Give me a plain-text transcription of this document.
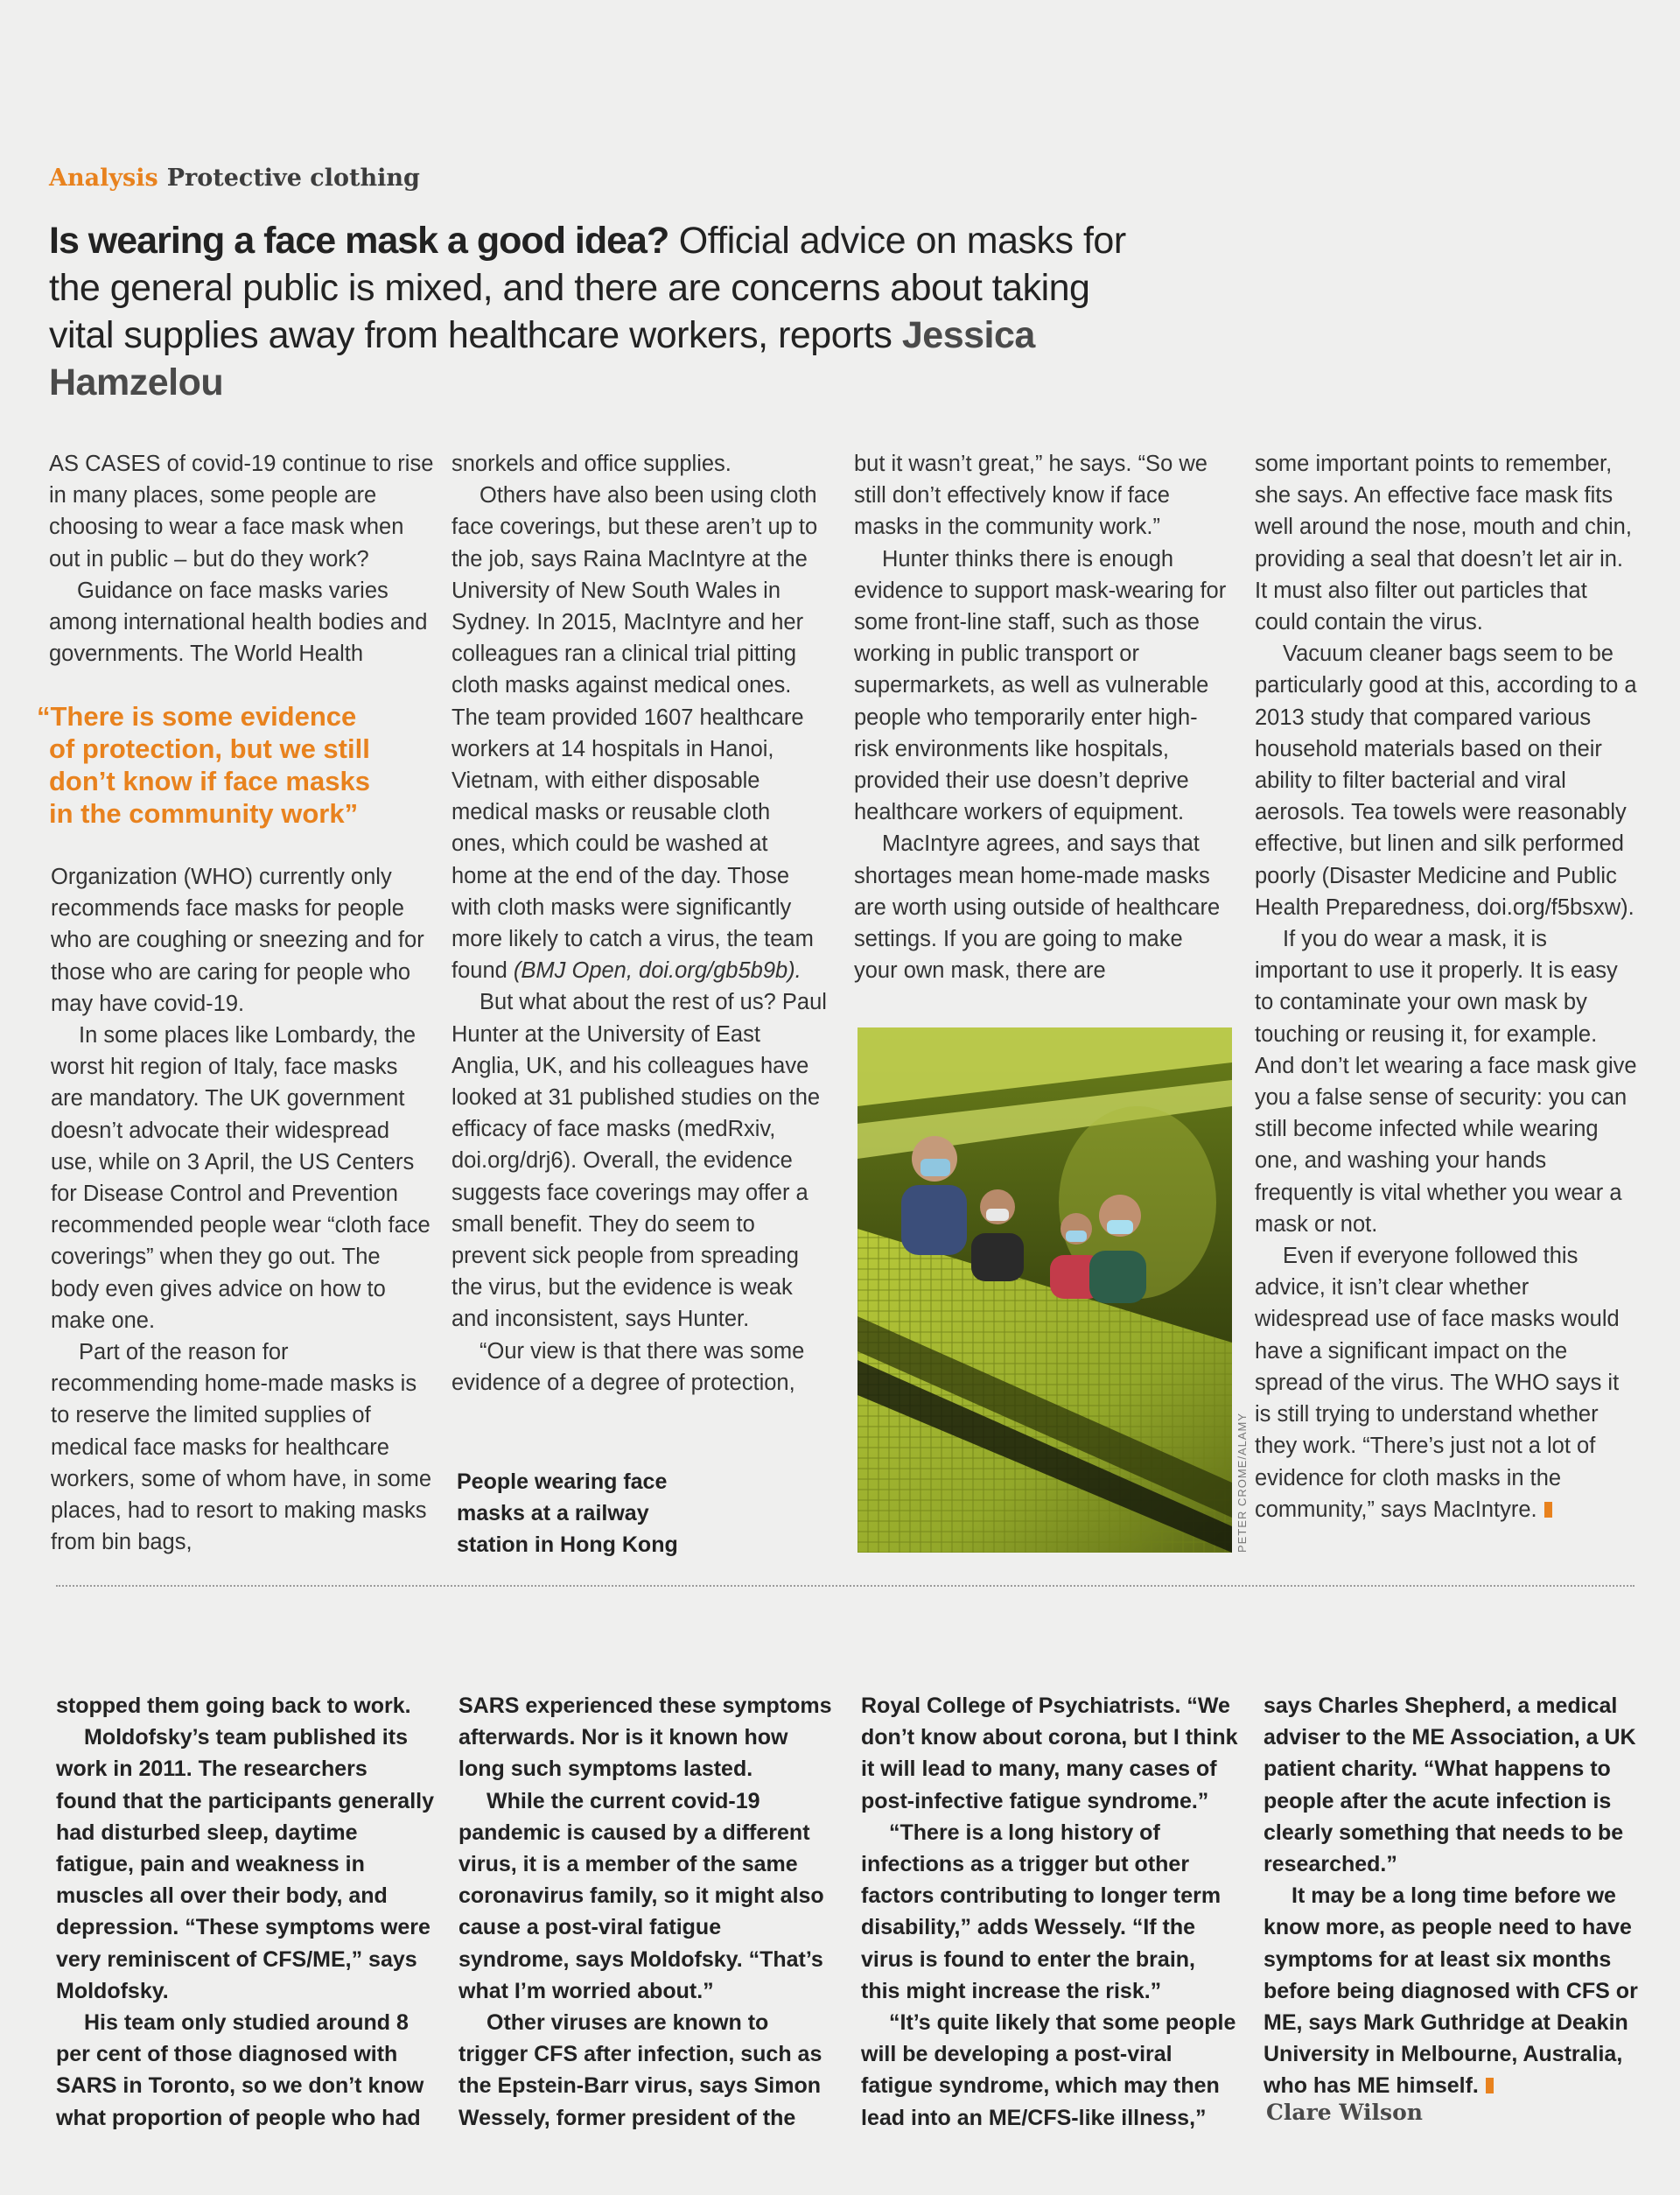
Analysis Protective clothing
Is wearing a face mask a good idea? Official advice on masks for the general public is mixed, and there are concerns about taking vital supplies away from healthcare workers, reports Jessica Hamzelou

AS CASES of covid-19 continue to rise in many places, some people are choosing to wear a face mask when out in public – but do they work?

Guidance on face masks varies among international health bodies and governments. The World Health

“There is some evidence
of protection, but we still
don’t know if face masks
in the community work”

Organization (WHO) currently only recommends face masks for people who are coughing or sneezing and for those who are caring for people who may have covid-19.

In some places like Lombardy, the worst hit region of Italy, face masks are mandatory. The UK government doesn’t advocate their widespread use, while on 3 April, the US Centers for Disease Control and Prevention recommended people wear “cloth face coverings” when they go out. The body even gives advice on how to make one.

Part of the reason for recommending home-made masks is to reserve the limited supplies of medical face masks for healthcare workers, some of whom have, in some places, had to resort to making masks from bin bags,

snorkels and office supplies.

Others have also been using cloth face coverings, but these aren’t up to the job, says Raina MacIntyre at the University of New South Wales in Sydney. In 2015, MacIntyre and her colleagues ran a clinical trial pitting cloth masks against medical ones. The team provided 1607 healthcare workers at 14 hospitals in Hanoi, Vietnam, with either disposable medical masks or reusable cloth ones, which could be washed at home at the end of the day. Those with cloth masks were significantly more likely to catch a virus, the team found (BMJ Open, doi.org/gb5b9b).

But what about the rest of us? Paul Hunter at the University of East Anglia, UK, and his colleagues have looked at 31 published studies on the efficacy of face masks (medRxiv, doi.org/drj6). Overall, the evidence suggests face coverings may offer a small benefit. They do seem to prevent sick people from spreading the virus, but the evidence is weak and inconsistent, says Hunter.

“Our view is that there was some evidence of a degree of protection,

People wearing face masks at a railway station in Hong Kong

but it wasn’t great,” he says. “So we still don’t effectively know if face masks in the community work.”

Hunter thinks there is enough evidence to support mask-wearing for some front-line staff, such as those working in public transport or supermarkets, as well as vulnerable people who temporarily enter high-risk environments like hospitals, provided their use doesn’t deprive healthcare workers of equipment.

MacIntyre agrees, and says that shortages mean home-made masks are worth using outside of healthcare settings. If you are going to make your own mask, there are

PETER CROME/ALAMY

some important points to remember, she says. An effective face mask fits well around the nose, mouth and chin, providing a seal that doesn’t let air in. It must also filter out particles that could contain the virus.

Vacuum cleaner bags seem to be particularly good at this, according to a 2013 study that compared various household materials based on their ability to filter bacterial and viral aerosols. Tea towels were reasonably effective, but linen and silk performed poorly (Disaster Medicine and Public Health Preparedness, doi.org/f5bsxw).

If you do wear a mask, it is important to use it properly. It is easy to contaminate your own mask by touching or reusing it, for example. And don’t let wearing a face mask give you a false sense of security: you can still become infected while wearing one, and washing your hands frequently is vital whether you wear a mask or not.

Even if everyone followed this advice, it isn’t clear whether widespread use of face masks would have a significant impact on the spread of the virus. The WHO says it is still trying to understand whether they work. “There’s just not a lot of evidence for cloth masks in the community,” says MacIntyre.

stopped them going back to work.

Moldofsky’s team published its work in 2011. The researchers found that the participants generally had disturbed sleep, daytime fatigue, pain and weakness in muscles all over their body, and depression. “These symptoms were very reminiscent of CFS/ME,” says Moldofsky.

His team only studied around 8 per cent of those diagnosed with SARS in Toronto, so we don’t know what proportion of people who had

SARS experienced these symptoms afterwards. Nor is it known how long such symptoms lasted.

While the current covid-19 pandemic is caused by a different virus, it is a member of the same coronavirus family, so it might also cause a post-viral fatigue syndrome, says Moldofsky. “That’s what I’m worried about.”

Other viruses are known to trigger CFS after infection, such as the Epstein-Barr virus, says Simon Wessely, former president of the

Royal College of Psychiatrists. “We don’t know about corona, but I think it will lead to many, many cases of post-infective fatigue syndrome.”

“There is a long history of infections as a trigger but other factors contributing to longer term disability,” adds Wessely. “If the virus is found to enter the brain, this might increase the risk.”

“It’s quite likely that some people will be developing a post-viral fatigue syndrome, which may then lead into an ME/CFS-like illness,”

says Charles Shepherd, a medical adviser to the ME Association, a UK patient charity. “What happens to people after the acute infection is clearly something that needs to be researched.”

It may be a long time before we know more, as people need to have symptoms for at least six months before being diagnosed with CFS or ME, says Mark Guthridge at Deakin University in Melbourne, Australia, who has ME himself.

Clare Wilson
